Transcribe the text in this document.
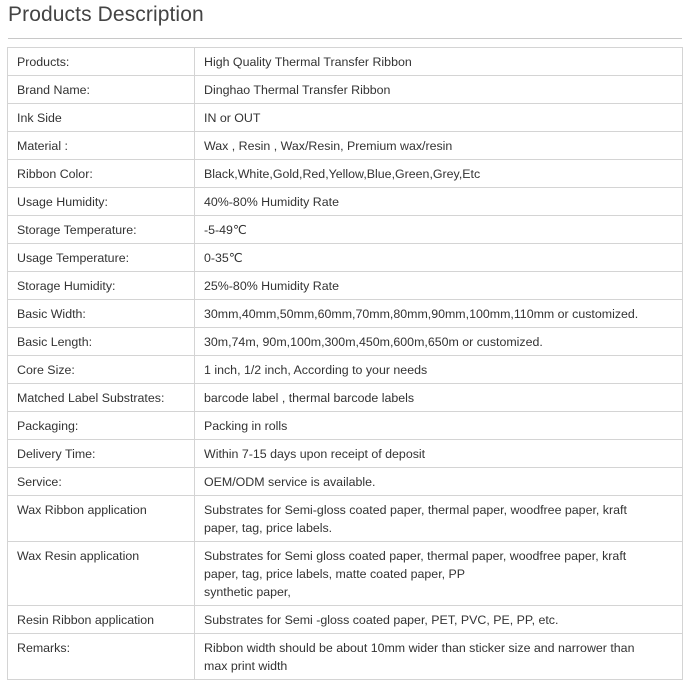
Products Description
Products:	High Quality Thermal Transfer Ribbon

Brand Name:	Dinghao Thermal Transfer Ribbon

Ink Side	IN or OUT

Material :	Wax , Resin , Wax/Resin, Premium wax/resin

Ribbon Color:	Black,White,Gold,Red,Yellow,Blue,Green,Grey,Etc

Usage Humidity:	40%-80% Humidity Rate

Storage Temperature:	-5-49℃

Usage Temperature:	0-35℃

Storage Humidity:	25%-80% Humidity Rate

Basic Width:	30mm,40mm,50mm,60mm,70mm,80mm,90mm,100mm,110mm or customized.

Basic Length:	30m,74m, 90m,100m,300m,450m,600m,650m or customized.

Core Size:	1 inch, 1/2 inch, According to your needs

Matched Label Substrates:	barcode label , thermal barcode labels

Packaging:	Packing in rolls

Delivery Time:	Within 7-15 days upon receipt of deposit

Service:	OEM/ODM service is available.

Wax Ribbon application	Substrates for Semi-gloss coated paper, thermal paper, woodfree paper, kraft
paper, tag, price labels.

Wax Resin application	Substrates for Semi gloss coated paper, thermal paper, woodfree paper, kraft
paper, tag, price labels, matte coated paper, PP
synthetic paper,

Resin Ribbon application	Substrates for Semi -gloss coated paper, PET, PVC, PE, PP, etc.

Remarks:	Ribbon width should be about 10mm wider than sticker size and narrower than
max print width
